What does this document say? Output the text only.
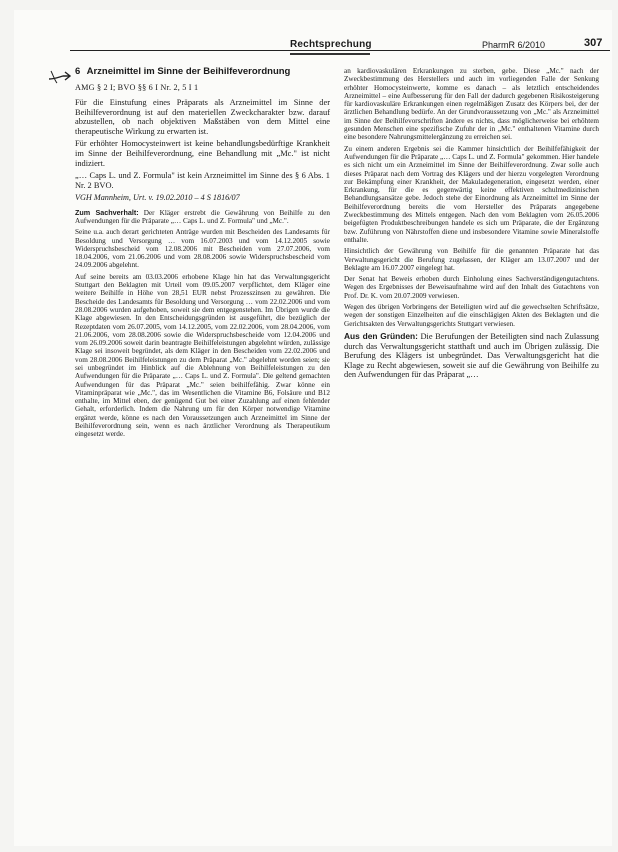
Rechtsprechung	PharmR 6/2010	307
6 Arzneimittel im Sinne der Beihilfeverordnung
AMG § 2 I; BVO §§ 6 I Nr. 2, 5 I 1

Für die Einstufung eines Präparats als Arzneimittel im Sinne der Beihilfeverordnung ist auf den materiellen Zweckcharakter bzw. darauf abzustellen, ob nach objektiven Maßstäben von dem Mittel eine therapeutische Wirkung zu erwarten ist.

Für erhöhter Homocysteinwert ist keine behandlungsbedürftige Krankheit im Sinne der Beihilfeverordnung, eine Behandlung mit „Mc." ist nicht indiziert.

„… Caps L. und Z. Formula" ist kein Arzneimittel im Sinne des § 6 Abs. 1 Nr. 2 BVO.

VGH Mannheim, Urt. v. 19.02.2010 – 4 S 1816/07

Zum Sachverhalt: Der Kläger erstrebt die Gewährung von Beihilfe zu den Aufwendungen für die Präparate „… Caps L. und Z. Formula" und „Mc.".

Seine u.a. auch derart gerichteten Anträge wurden mit Bescheiden des Landesamts für Besoldung und Versorgung … vom 16.07.2003 und vom 14.12.2005 sowie Widerspruchsbescheid vom 12.08.2006 mit Bescheiden vom 27.07.2006, vom 18.04.2006, vom 21.06.2006 und vom 28.08.2006 sowie Widerspruchsbescheid vom 24.09.2006 abgelehnt.

Auf seine bereits am 03.03.2006 erhobene Klage hin hat das Verwaltungsgericht Stuttgart den Beklagten mit Urteil vom 09.05.2007 verpflichtet, dem Kläger eine weitere Beihilfe in Höhe von 28,51 EUR nebst Prozesszinsen zu gewähren. Die Bescheide des Landesamts für Besoldung und Versorgung … vom 22.02.2006 und vom 28.08.2006 wurden aufgehoben, soweit sie dem entgegenstehen. Im Übrigen wurde die Klage abgewiesen. In den Entscheidungsgründen ist ausgeführt, die bezüglich der Rezeptdaten vom 26.07.2005, vom 14.12.2005, vom 22.02.2006, vom 28.04.2006, vom 21.06.2006, vom 28.08.2006 sowie die Widerspruchsbescheide vom 12.04.2006 und vom 26.09.2006 soweit darin beantragte Beihilfeleistungen abgelehnt würden, zulässige Klage sei insoweit begründet, als dem Kläger in den Bescheiden vom 22.02.2006 und vom 28.08.2006 Beihilfeleistungen zu dem Präparat „Mc." abgelehnt worden seien; sie sei unbegründet im Hinblick auf die Ablehnung von Beihilfeleistungen zu den Aufwendungen für die Präparate „… Caps L. und Z. Formula". Die geltend gemachten Aufwendungen für das Präparat „Mc." seien beihilfefähig. Zwar könne ein Vitaminpräparat wie „Mc.", das im Wesentlichen die Vitamine B6, Folsäure und B12 enthalte, im Mittel eben, der genügend Gut bei einer Zuzahlung auf einen fehlender Gehalt, erforderlich. Indem die Nahrung um für den Körper notwendige Vitamine ergänzt werde, könne es nach den Voraussetzungen auch Arzneimittel im Sinne der Beihilfeverordnung sein, wenn es nach ärztlicher Verordnung als Therapeutikum eingesetzt werde.

an kardiovaskulären Erkrankungen zu sterben, gebe. Diese „Mc." nach der Zweckbestimmung des Herstellers und auch im vorliegenden Falle der Senkung erhöhter Homocysteinwerte, komme es danach – als letztlich entscheidendes Arzneimittel – eine Aufbesserung für den Fall der dadurch gegebenen Risikosteigerung für kardiovaskuläre Erkrankungen einen regelmäßigen Zusatz des Körpers bei, der der ärztlichen Behandlung bedürfe. An der Grundvoraussetzung von „Mc." als Arzneimittel im Sinne der Beihilfevorschriften ändere es nichts, dass möglicherweise bei erhöhtem gesunden Menschen eine spezifische Zufuhr der in „Mc." enthaltenen Vitamine durch eine besondere Nahrungsmittelergänzung zu erreichen sei.

Zu einem anderen Ergebnis sei die Kammer hinsichtlich der Beihilfefähigkeit der Aufwendungen für die Präparate „… Caps L. und Z. Formula" gekommen. Hier handele es sich nicht um ein Arzneimittel im Sinne der Beihilfeverordnung. Zwar solle auch dieses Präparat nach dem Vortrag des Klägers und der hierzu vorgelegten Verordnung zur Bekämpfung einer Krankheit, der Makuladegeneration, eingesetzt werden, einer Erkrankung, für die es gegenwärtig keine effektiven schulmedizinischen Behandlungsansätze gebe. Jedoch stehe der Einordnung als Arzneimittel im Sinne der Beihilfeverordnung bereits die vom Hersteller des Präparats angegebene Zweckbestimmung des Mittels entgegen. Nach den vom Beklagten vom 26.05.2006 beigefügten Produktbeschreibungen handele es sich um Präparate, die der Ergänzung bzw. Zuführung von Nährstoffen diene und insbesondere Vitamine sowie Mineralstoffe enthalte.

Hinsichtlich der Gewährung von Beihilfe für die genannten Präparate hat das Verwaltungsgericht die Berufung zugelassen, der Kläger am 13.07.2007 und der Beklagte am 16.07.2007 eingelegt hat.

Der Senat hat Beweis erhoben durch Einholung eines Sachverständigengutachtens. Wegen des Ergebnisses der Beweisaufnahme wird auf den Inhalt des Gutachtens von Prof. Dr. K. vom 20.07.2009 verwiesen.

Wegen des übrigen Vorbringens der Beteiligten wird auf die gewechselten Schriftsätze, wegen der sonstigen Einzelheiten auf die einschlägigen Akten des Beklagten und die Gerichtsakten des Verwaltungsgerichts Stuttgart verwiesen.

Aus den Gründen: Die Berufungen der Beteiligten sind nach Zulassung durch das Verwaltungsgericht statthaft und auch im Übrigen zulässig. Die Berufung des Klägers ist unbegründet. Das Verwaltungsgericht hat die Klage zu Recht abgewiesen, soweit sie auf die Gewährung von Beihilfe zu den Aufwendungen für das Präparat „…
